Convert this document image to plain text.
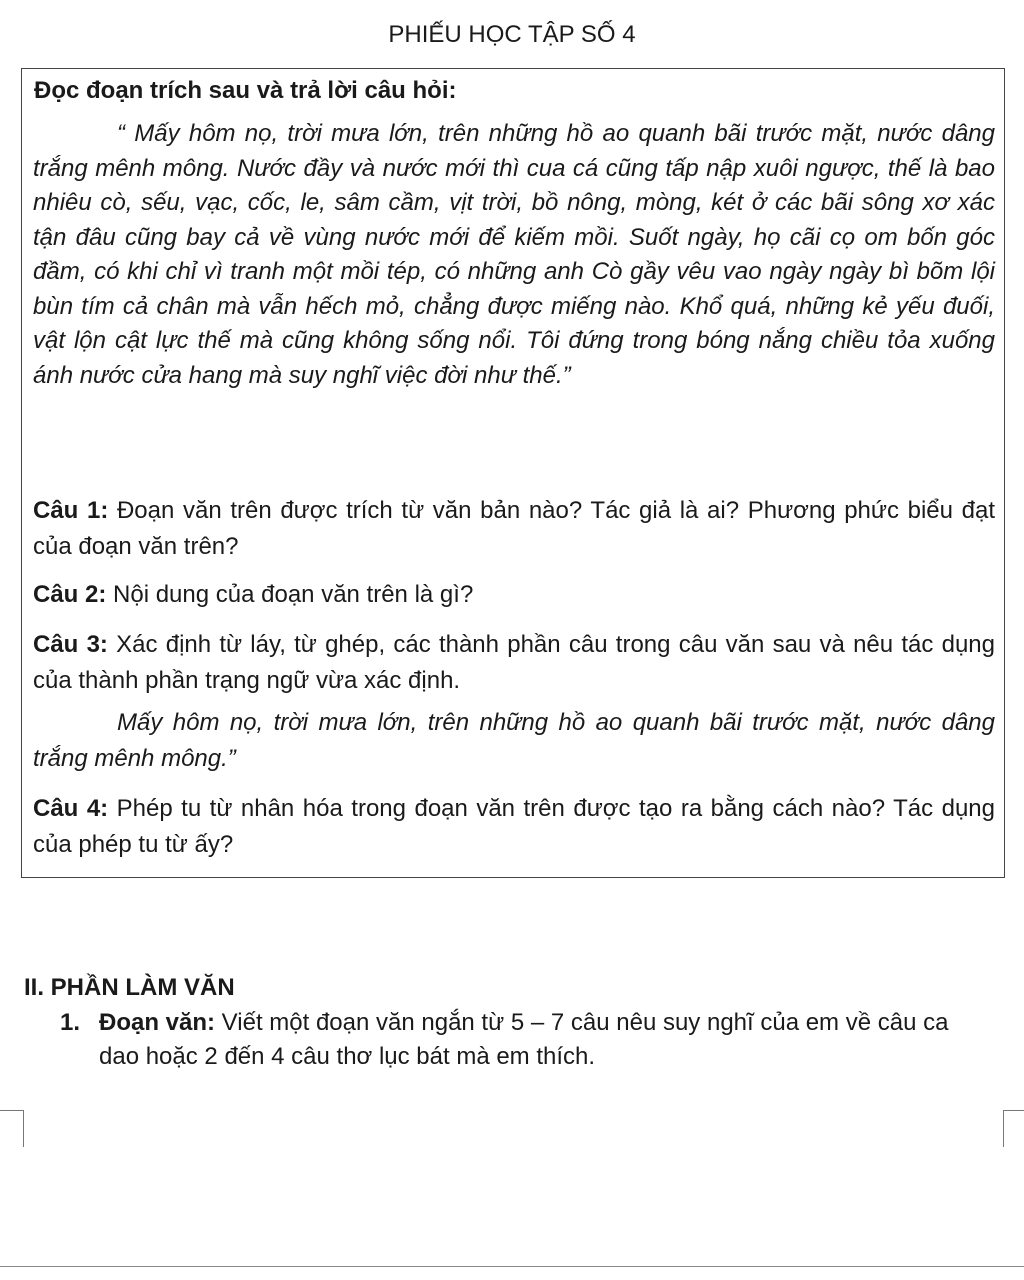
PHIẾU HỌC TẬP SỐ 4
Đọc đoạn trích sau và trả lời câu hỏi:

“ Mấy hôm nọ, trời mưa lớn, trên những hồ ao quanh bãi trước mặt, nước dâng trắng mênh mông. Nước đầy và nước mới thì cua cá cũng tấp nập xuôi ngược, thế là bao nhiêu cò, sếu, vạc, cốc, le, sâm cầm, vịt trời, bồ nông, mòng, két ở các bãi sông xơ xác tận đâu cũng bay cả về vùng nước mới để kiếm mồi. Suốt ngày, họ cãi cọ om bốn góc đầm, có khi chỉ vì tranh một mồi tép, có những anh Cò gầy vêu vao ngày ngày bì bõm lội bùn tím cả chân mà vẫn hếch mỏ, chẳng được miếng nào. Khổ quá, những kẻ yếu đuối, vật lộn cật lực thế mà cũng không sống nổi. Tôi đứng trong bóng nắng chiều tỏa xuống ánh nước cửa hang mà suy nghĩ việc đời như thế.”

Câu 1: Đoạn văn trên được trích từ văn bản nào? Tác giả là ai? Phương phức biểu đạt của đoạn văn trên?

Câu 2: Nội dung của đoạn văn trên là gì?

Câu 3: Xác định từ láy, từ ghép, các thành phần câu trong câu văn sau và nêu tác dụng của thành phần trạng ngữ vừa xác định.

Mấy hôm nọ, trời mưa lớn, trên những hồ ao quanh bãi trước mặt, nước dâng trắng mênh mông.”

Câu 4: Phép tu từ nhân hóa trong đoạn văn trên được tạo ra bằng cách nào? Tác dụng của phép tu từ ấy?

II. PHẦN LÀM VĂN

1. Đoạn văn: Viết một đoạn văn ngắn từ 5 – 7 câu nêu suy nghĩ của em về câu ca dao hoặc 2 đến 4 câu thơ lục bát mà em thích.
